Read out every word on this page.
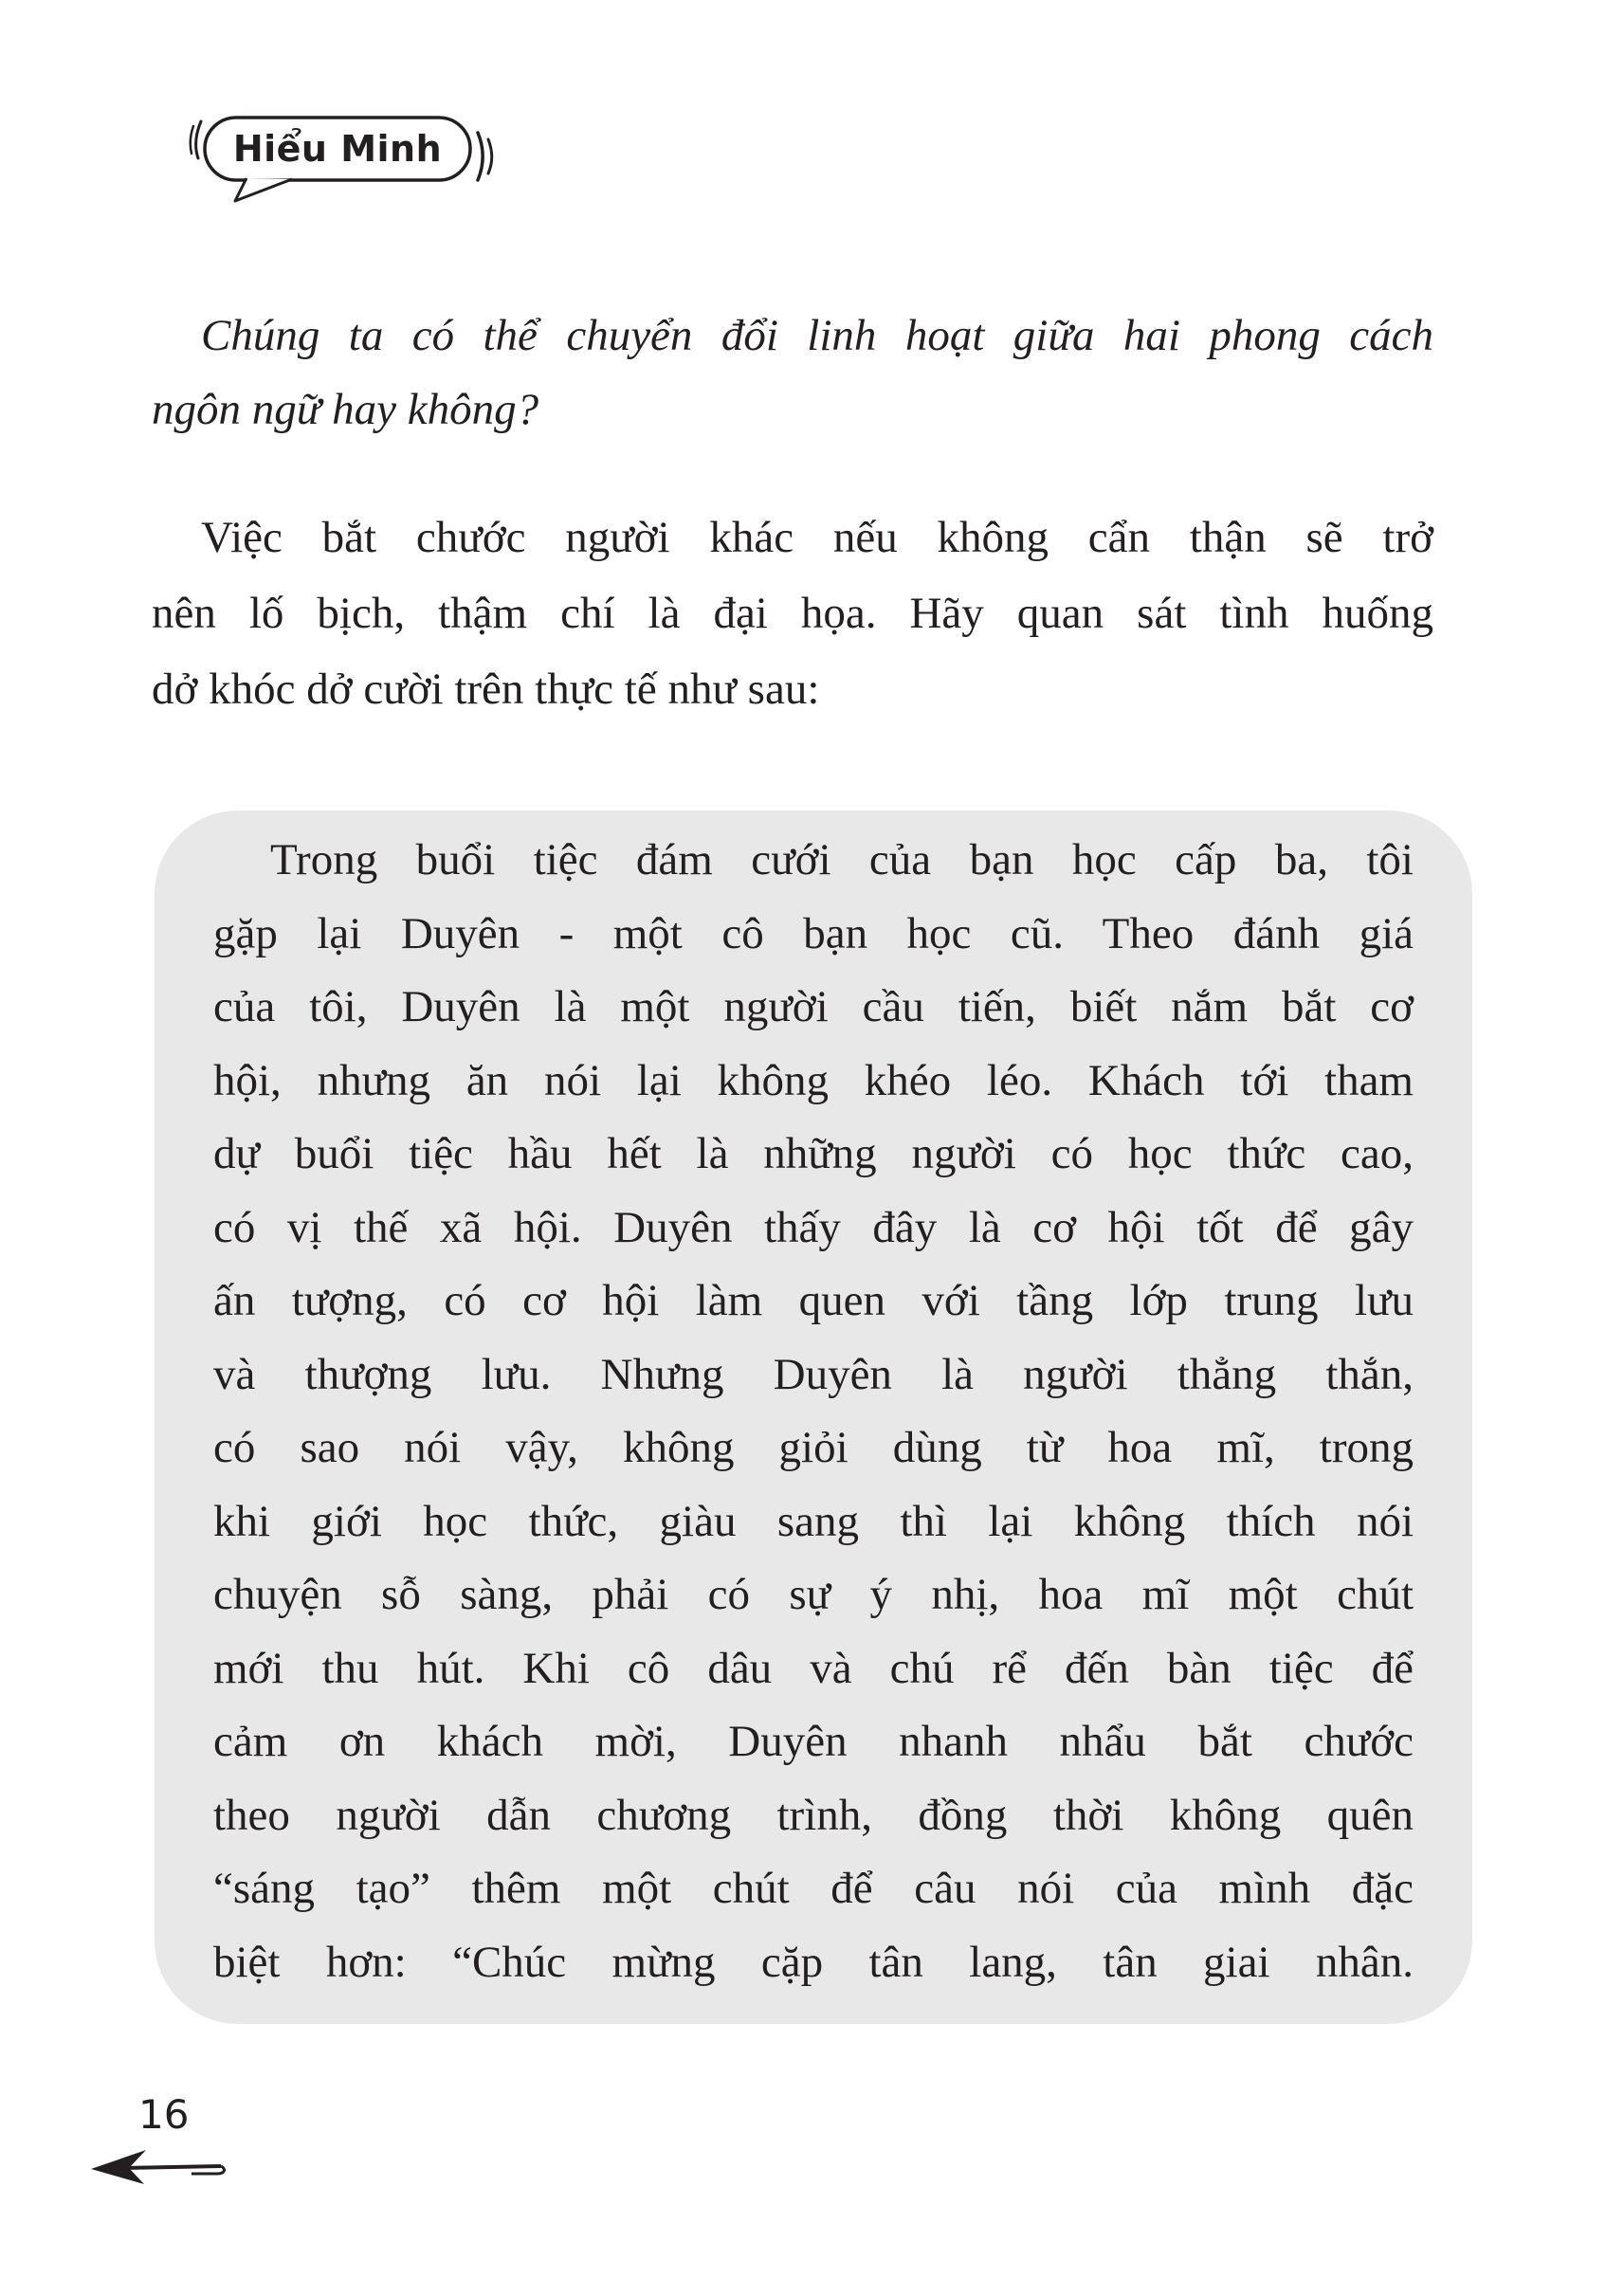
Hiểu Minh
Chúng ta có thể chuyển đổi linh hoạt giữa hai phong cách
ngôn ngữ hay không?
Việc bắt chước người khác nếu không cẩn thận sẽ trở
nên lố bịch, thậm chí là đại họa. Hãy quan sát tình huống
dở khóc dở cười trên thực tế như sau:
Trong buổi tiệc đám cưới của bạn học cấp ba, tôi
gặp lại Duyên - một cô bạn học cũ. Theo đánh giá
của tôi, Duyên là một người cầu tiến, biết nắm bắt cơ
hội, nhưng ăn nói lại không khéo léo. Khách tới tham
dự buổi tiệc hầu hết là những người có học thức cao,
có vị thế xã hội. Duyên thấy đây là cơ hội tốt để gây
ấn tượng, có cơ hội làm quen với tầng lớp trung lưu
và thượng lưu. Nhưng Duyên là người thẳng thắn,
có sao nói vậy, không giỏi dùng từ hoa mĩ, trong
khi giới học thức, giàu sang thì lại không thích nói
chuyện sỗ sàng, phải có sự ý nhị, hoa mĩ một chút
mới thu hút. Khi cô dâu và chú rể đến bàn tiệc để
cảm ơn khách mời, Duyên nhanh nhẩu bắt chước
theo người dẫn chương trình, đồng thời không quên
“sáng tạo” thêm một chút để câu nói của mình đặc
biệt hơn: “Chúc mừng cặp tân lang, tân giai nhân.
16
